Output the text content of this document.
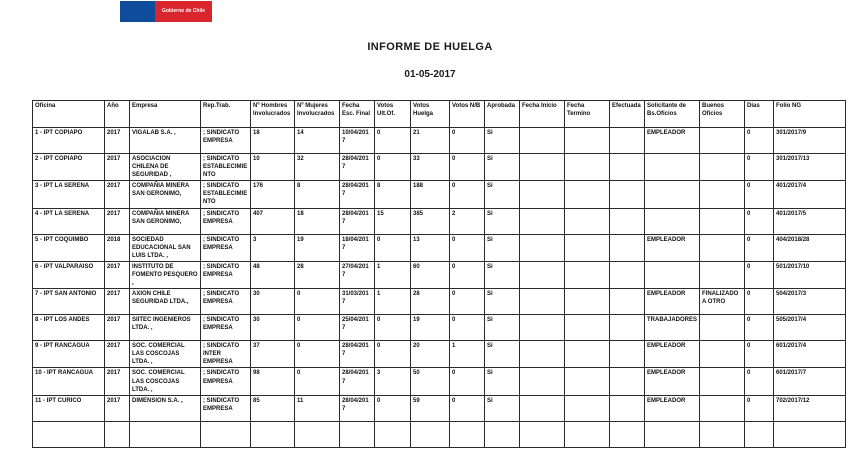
Gobierno de Chile
INFORME DE HUELGA
01-05-2017
Oficina	Año	Empresa	Rep.Trab.	Nº Hombres Involucrados	Nº Mujeres Involucrados	Fecha Esc. Final	Votos Ult.Of.	Votos Huelga	Votos N/B	Aprobada	Fecha Inicio	Fecha Termino	Efectuada	Solicitante de Bs.Oficios	Buenos Oficios	Días	Folio NG
1 - IPT COPIAPO	2017	VIGALAB S.A. ,	; SINDICATO EMPRESA	18	14	10/04/2017	0	21	0	Si				EMPLEADOR		0	301/2017/9
2 - IPT COPIAPO	2017	ASOCIACION CHILENA DE SEGURIDAD ,	; SINDICATO ESTABLECIMIENTO	10	32	28/04/2017	0	33	0	Si						0	301/2017/13
3 - IPT LA SERENA	2017	COMPAÑIA MINERA SAN GERONIMO,	; SINDICATO ESTABLECIMIENTO	176	8	28/04/2017	8	188	0	Si						0	401/2017/4
4 - IPT LA SERENA	2017	COMPAÑIA MINERA SAN GERONIMO,	; SINDICATO EMPRESA	407	18	28/04/2017	15	385	2	Si						0	401/2017/5
5 - IPT COQUIMBO	2018	SOCIEDAD EDUCACIONAL SAN LUIS LTDA. ,	; SINDICATO EMPRESA	3	19	18/04/2017	0	13	0	Si				EMPLEADOR		0	404/2018/28
6 - IPT VALPARAISO	2017	INSTITUTO DE FOMENTO PESQUERO ,	; SINDICATO EMPRESA	48	28	27/04/2017	1	60	0	Si						0	501/2017/10
7 - IPT SAN ANTONIO	2017	AXION CHILE SEGURIDAD LTDA.,	; SINDICATO EMPRESA	30	0	31/03/2017	1	28	0	Si				EMPLEADOR	FINALIZADO A OTRO	0	504/2017/3
8 - IPT LOS ANDES	2017	SIITEC INGENIEROS LTDA. ,	; SINDICATO EMPRESA	30	0	25/04/2017	0	19	0	Si				TRABAJADORES		0	505/2017/4
9 - IPT RANCAGUA	2017	SOC. COMERCIAL LAS COSCOJAS LTDA. ,	; SINDICATO INTER EMPRESA	37	0	28/04/2017	0	20	1	Si				EMPLEADOR		0	601/2017/4
10 - IPT RANCAGUA	2017	SOC. COMERCIAL LAS COSCOJAS LTDA. ,	; SINDICATO EMPRESA	98	0	28/04/2017	3	50	0	Si				EMPLEADOR		0	601/2017/7
11 - IPT CURICO	2017	DIMENSION S.A. ,	; SINDICATO EMPRESA	85	11	28/04/2017	0	59	0	Si				EMPLEADOR		0	702/2017/12
